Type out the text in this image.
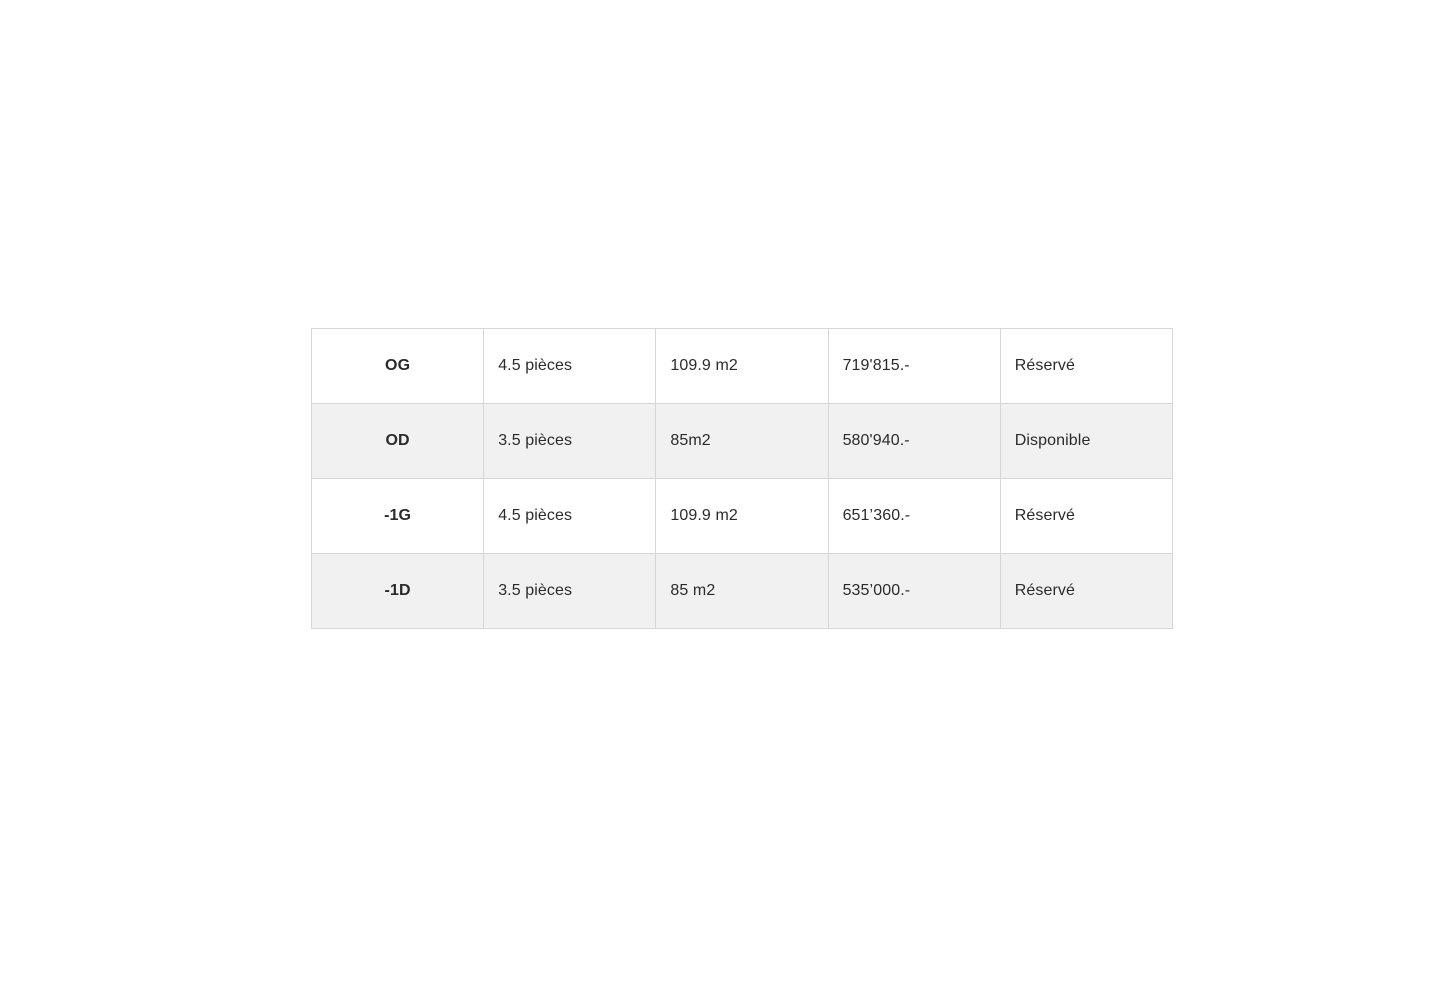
OG	4.5 pièces	109.9 m2	719'815.-	Réservé
OD	3.5 pièces	85m2	580'940.-	Disponible
-1G	4.5 pièces	109.9 m2	651’360.-	Réservé
-1D	3.5 pièces	85 m2	535’000.-	Réservé
